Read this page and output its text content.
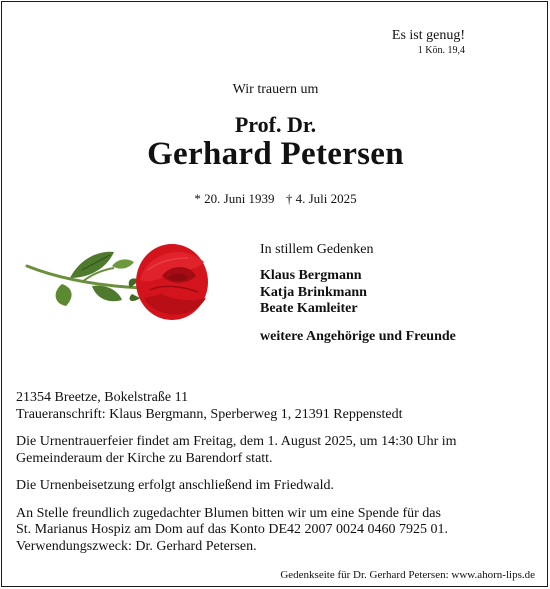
Es ist genug!
1 Kön. 19,4
Wir trauern um
Prof. Dr.
Gerhard Petersen
* 20. Juni 1939 † 4. Juli 2025
In stillem Gedenken
Klaus Bergmann
Katja Brinkmann
Beate Kamleiter
weitere Angehörige und Freunde

21354 Breetze, Bokelstraße 11

Traueranschrift: Klaus Bergmann, Sperberweg 1, 21391 Reppenstedt

Die Urnentrauerfeier findet am Freitag, dem 1. August 2025, um 14:30 Uhr im

Gemeinderaum der Kirche zu Barendorf statt.

Die Urnenbeisetzung erfolgt anschließend im Friedwald.

An Stelle freundlich zugedachter Blumen bitten wir um eine Spende für das

St. Marianus Hospiz am Dom auf das Konto DE42 2007 0024 0460 7925 01.

Verwendungszweck: Dr. Gerhard Petersen.

Gedenkseite für Dr. Gerhard Petersen: www.ahorn-lips.de
